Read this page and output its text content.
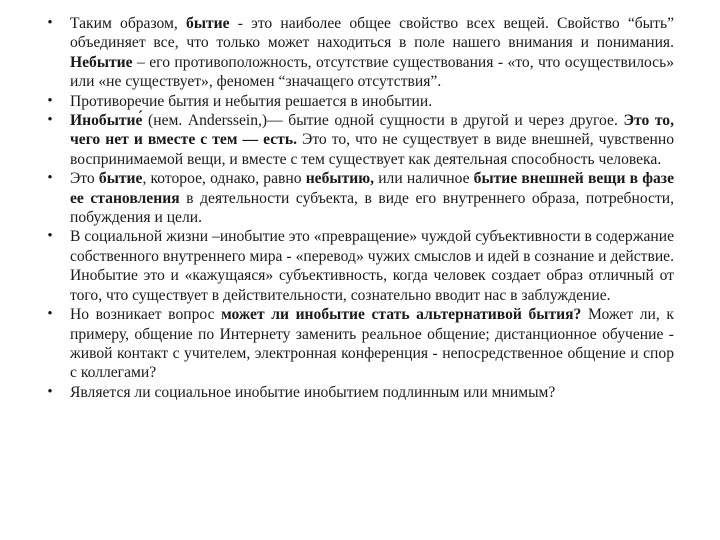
• Таким образом, бытие - это наиболее общее свойство всех вещей. Свойство “быть” объединяет все, что только может находиться в поле нашего внимания и понимания. Небытие – его противоположность, отсутствие существования - «то, что осуществилось» или «не существует», феномен “значащего отсутствия”.
• Противоречие бытия и небытия решается в инобытии.
• Инобытие́ (нем. Anderssein,)— бытие одной сущности в другой и через другое. Это то, чего нет и вместе с тем — есть. Это то, что не существует в виде внешней, чувственно воспринимаемой вещи, и вместе с тем существует как деятельная способность человека.
• Это бытие, которое, однако, равно небытию, или наличное бытие внешней вещи в фазе ее становления в деятельности субъекта, в виде его внутреннего образа, потребности, побуждения и цели.
• В социальной жизни –инобытие это «превращение» чуждой субъективности в содержание собственного внутреннего мира - «перевод» чужих смыслов и идей в сознание и действие. Инобытие это и «кажущаяся» субъективность, когда человек создает образ отличный от того, что существует в действительности, сознательно вводит нас в заблуждение.
• Но возникает вопрос может ли инобытие стать альтернативой бытия? Может ли, к примеру, общение по Интернету заменить реальное общение; дистанционное обучение - живой контакт с учителем, электронная конференция - непосредственное общение и спор с коллегами?
• Является ли социальное инобытие инобытием подлинным или мнимым?
